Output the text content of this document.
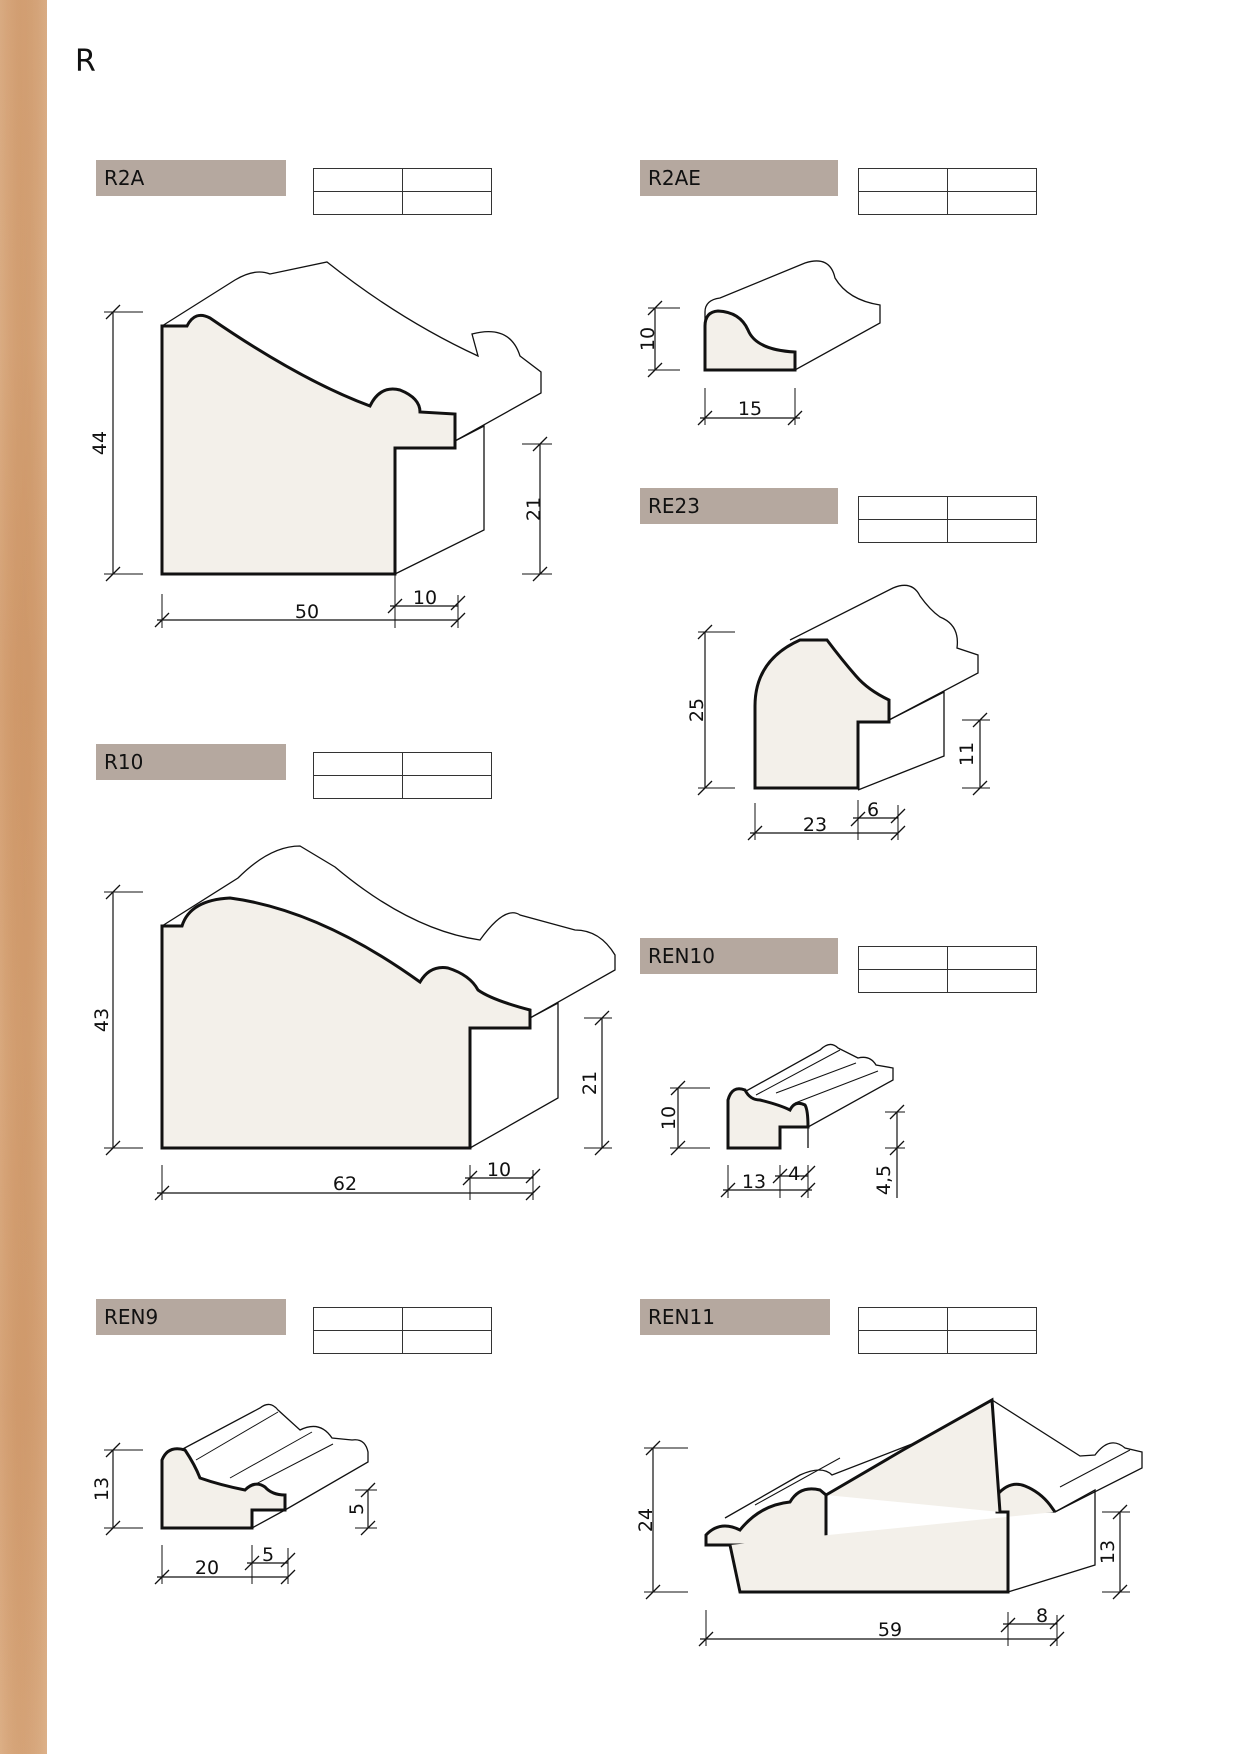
R
R2A	R2AE
RE23
R10
REN10
REN9	REN11

44
50
10
21
10
15
25
23
6
11
43
62
10
21
10
13 4	4,5
13
20
5
5	24
59
8
13
